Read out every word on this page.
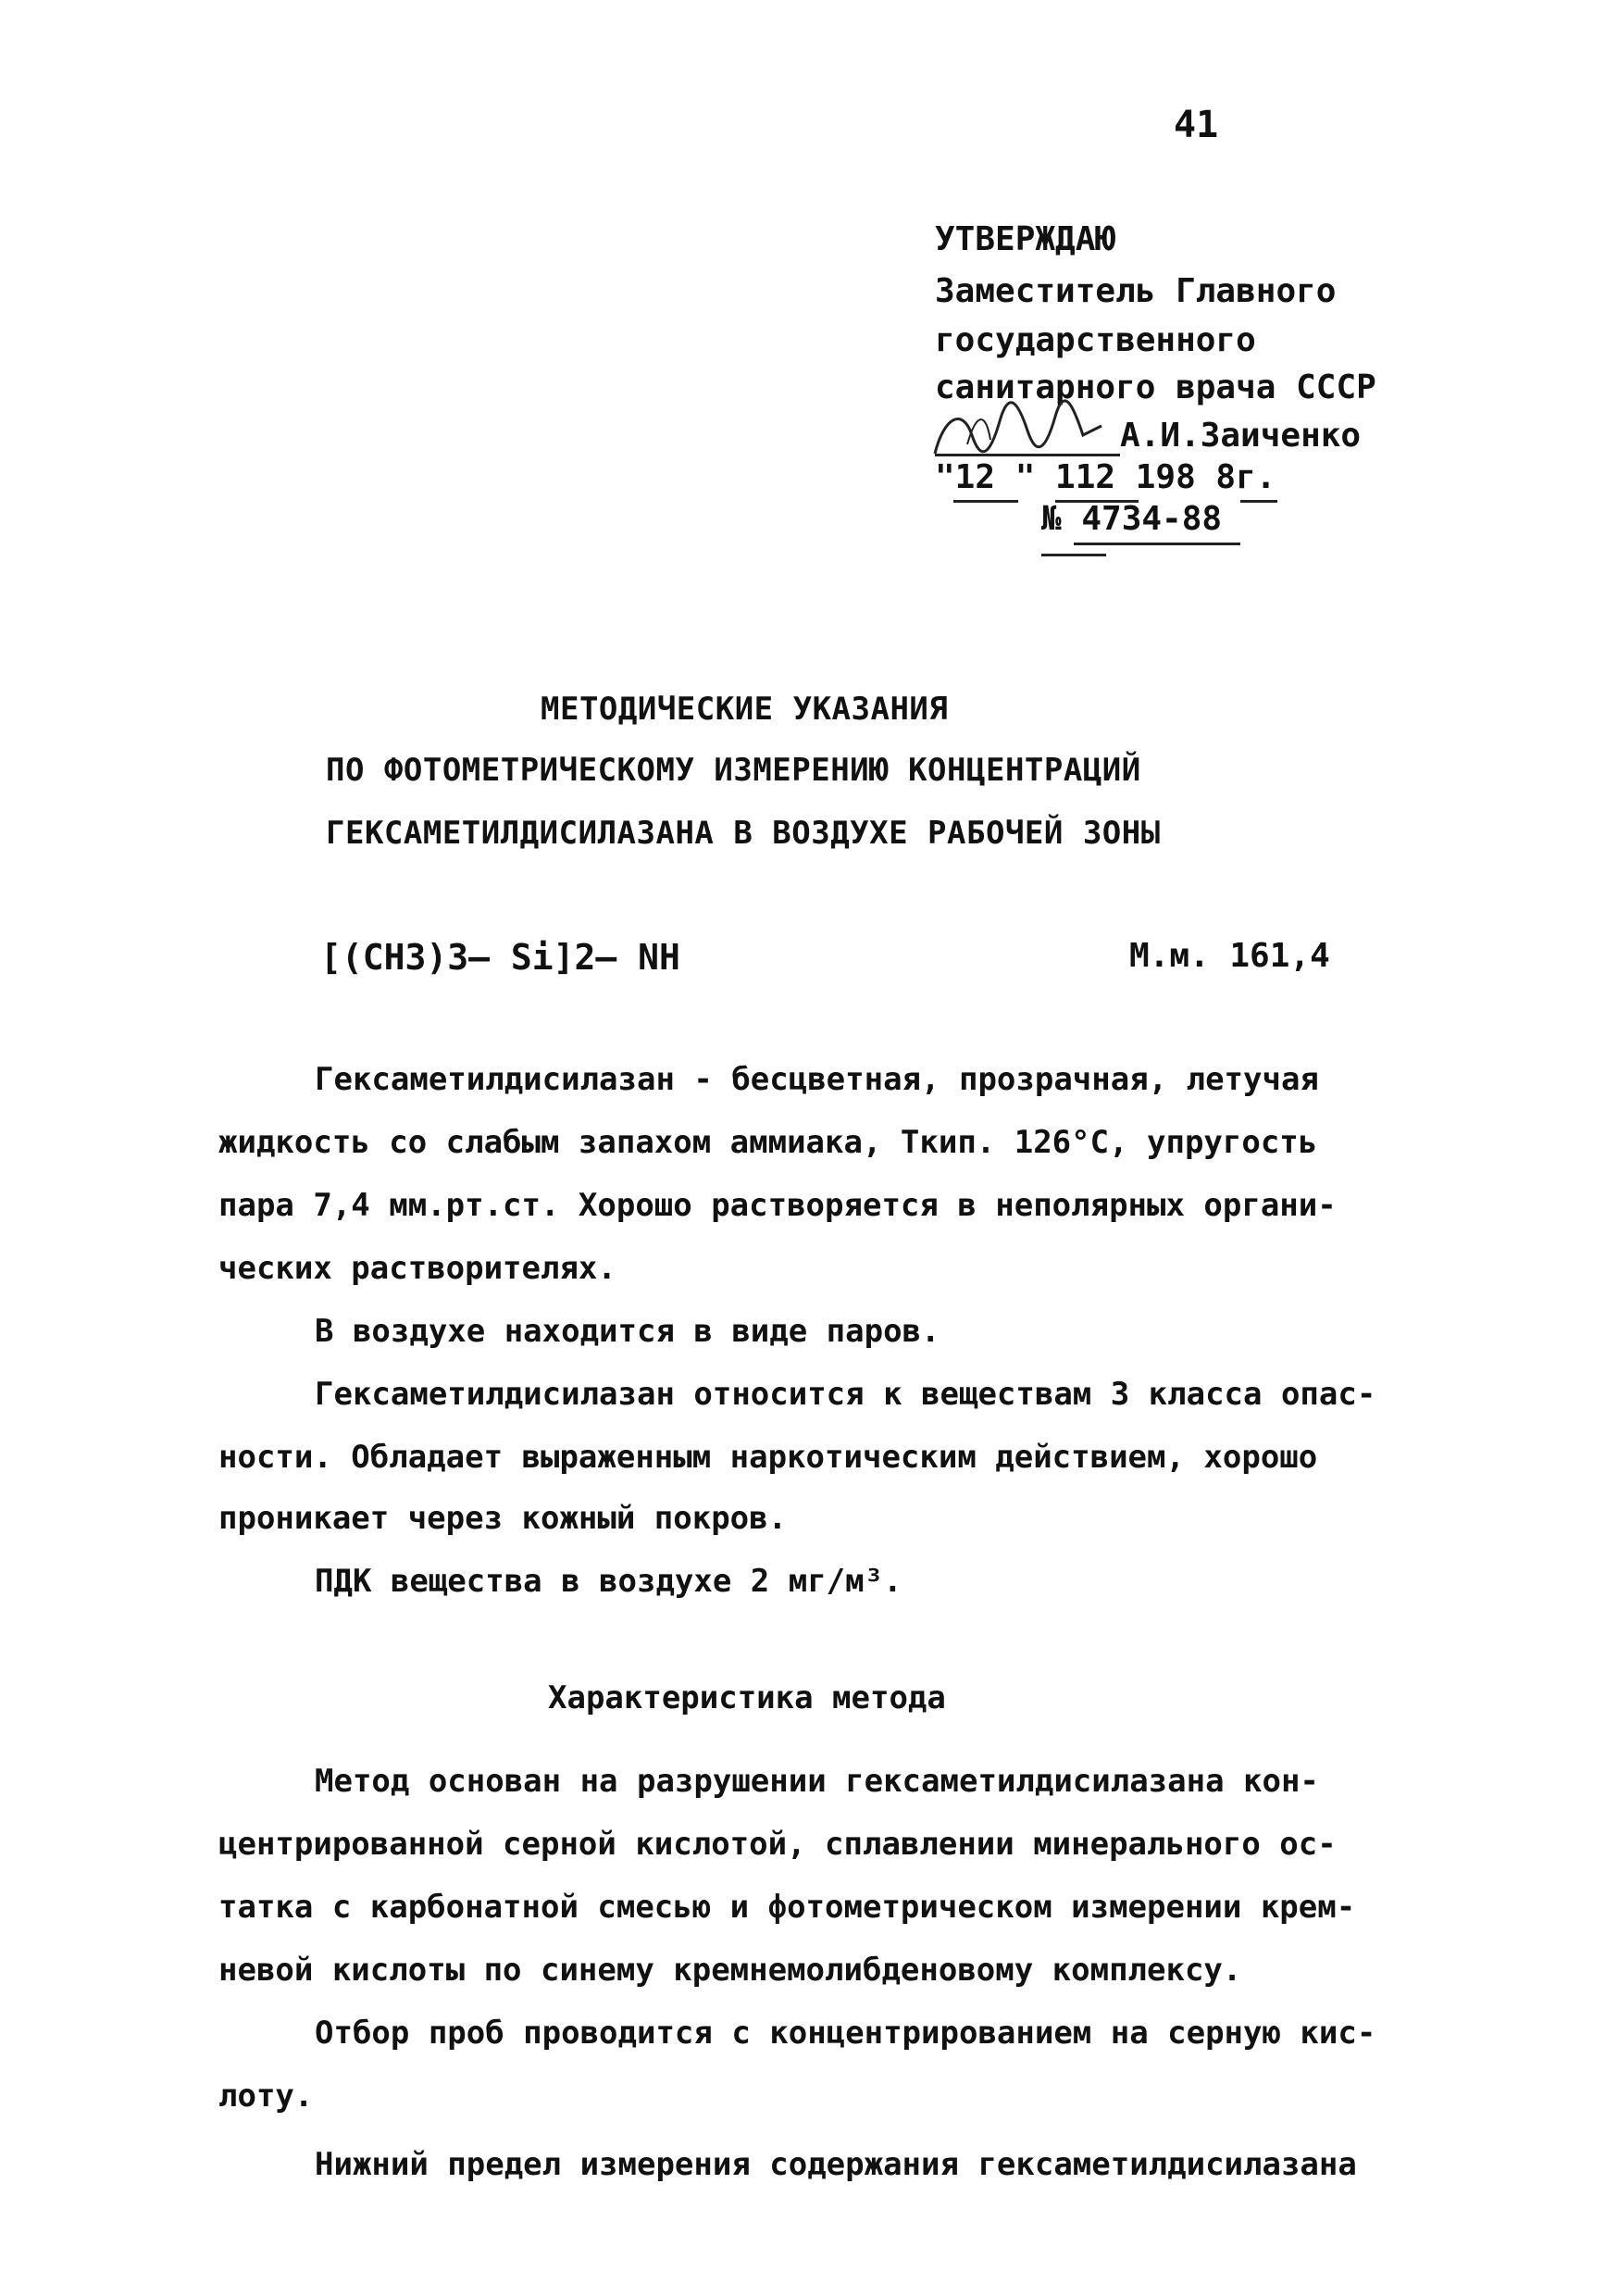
41
УТВЕРЖДАЮ
Заместитель Главного
государственного
санитарного врача СССР
А.И.Заиченко
"12 " 112 198 8г.
№ 4734-88
МЕТОДИЧЕСКИЕ УКАЗАНИЯ
ПО ФОТОМЕТРИЧЕСКОМУ ИЗМЕРЕНИЮ КОНЦЕНТРАЦИЙ
ГЕКСАМЕТИЛДИСИЛАЗАНА В ВОЗДУХЕ РАБОЧЕЙ ЗОНЫ
[(CH3)3– Si]2– NH	М.м. 161,4
Гексаметилдисилазан - бесцветная, прозрачная, летучая
жидкость со слабым запахом аммиака, Ткип. 126°С, упругость
пара 7,4 мм.рт.ст. Хорошо растворяется в неполярных органи-
ческих растворителях.
В воздухе находится в виде паров.
Гексаметилдисилазан относится к веществам 3 класса опас-
ности. Обладает выраженным наркотическим действием, хорошо
проникает через кожный покров.
ПДК вещества в воздухе 2 мг/м³.
Характеристика метода
Метод основан на разрушении гексаметилдисилазана кон-
центрированной серной кислотой, сплавлении минерального ос-
татка с карбонатной смесью и фотометрическом измерении крем-
невой кислоты по синему кремнемолибденовому комплексу.
Отбор проб проводится с концентрированием на серную кис-
лоту.
Нижний предел измерения содержания гексаметилдисилазана
